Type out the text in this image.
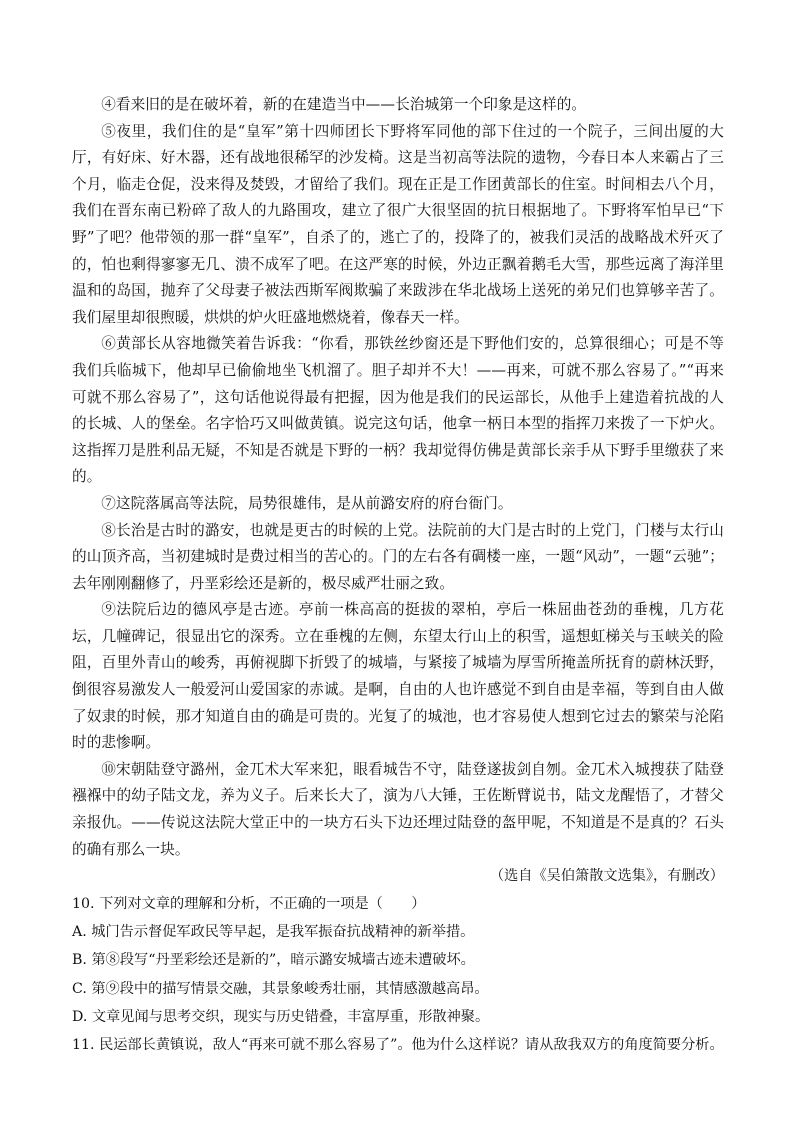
④看来旧的是在破坏着，新的在建造当中——长治城第一个印象是这样的。

⑤夜里，我们住的是“皇军”第十四师团长下野将军同他的部下住过的一个院子，三间出厦的大厅，有好床、好木器，还有战地很稀罕的沙发椅。这是当初高等法院的遗物，今春日本人来霸占了三个月，临走仓促，没来得及焚毁，才留给了我们。现在正是工作团黄部长的住室。时间相去八个月，我们在晋东南已粉碎了敌人的九路围攻，建立了很广大很坚固的抗日根据地了。下野将军怕早已“下野”了吧？他带领的那一群“皇军”，自杀了的，逃亡了的，投降了的，被我们灵活的战略战术歼灭了的，怕也剩得寥寥无几、溃不成军了吧。在这严寒的时候，外边正飘着鹅毛大雪，那些远离了海洋里温和的岛国，抛弃了父母妻子被法西斯军阀欺骗了来跋涉在华北战场上送死的弟兄们也算够辛苦了。我们屋里却很煦暖，烘烘的炉火旺盛地燃烧着，像春天一样。

⑥黄部长从容地微笑着告诉我：“你看，那铁丝纱窗还是下野他们安的，总算很细心；可是不等我们兵临城下，他却早已偷偷地坐飞机溜了。胆子却并不大！——再来，可就不那么容易了。”“再来可就不那么容易了”，这句话他说得最有把握，因为他是我们的民运部长，从他手上建造着抗战的人的长城、人的堡垒。名字恰巧又叫做黄镇。说完这句话，他拿一柄日本型的指挥刀来拨了一下炉火。这指挥刀是胜利品无疑，不知是否就是下野的一柄？我却觉得仿佛是黄部长亲手从下野手里缴获了来的。

⑦这院落属高等法院，局势很雄伟，是从前潞安府的府台衙门。

⑧长治是古时的潞安，也就是更古的时候的上党。法院前的大门是古时的上党门，门楼与太行山的山顶齐高，当初建城时是费过相当的苦心的。门的左右各有碉楼一座，一题“风动”，一题“云驰”；去年刚刚翻修了，丹垩彩绘还是新的，极尽威严壮丽之致。

⑨法院后边的德风亭是古迹。亭前一株高高的挺拔的翠柏，亭后一株屈曲苍劲的垂槐，几方花坛，几幢碑记，很显出它的深秀。立在垂槐的左侧，东望太行山上的积雪，遥想虹梯关与玉峡关的险阻，百里外青山的峻秀，再俯视脚下折毁了的城墙，与紧接了城墙为厚雪所掩盖所抚育的蔚林沃野，倒很容易激发人一般爱河山爱国家的赤诚。是啊，自由的人也许感觉不到自由是幸福，等到自由人做了奴隶的时候，那才知道自由的确是可贵的。光复了的城池，也才容易使人想到它过去的繁荣与沦陷时的悲惨啊。

⑩宋朝陆登守潞州，金兀术大军来犯，眼看城告不守，陆登遂拔剑自刎。金兀术入城搜获了陆登襁褓中的幼子陆文龙，养为义子。后来长大了，演为八大锤，王佐断臂说书，陆文龙醒悟了，才替父亲报仇。——传说这法院大堂正中的一块方石头下边还埋过陆登的盔甲呢，不知道是不是真的？石头的确有那么一块。

（选自《吴伯箫散文选集》，有删改）

10. 下列对文章的理解和分析，不正确的一项是（　　）

A. 城门告示督促军政民等早起，是我军振奋抗战精神的新举措。

B. 第⑧段写“丹垩彩绘还是新的”，暗示潞安城墙古迹未遭破坏。

C. 第⑨段中的描写情景交融，其景象峻秀壮丽，其情感激越高昂。

D. 文章见闻与思考交织，现实与历史错叠，丰富厚重，形散神聚。

11. 民运部长黄镇说，敌人“再来可就不那么容易了”。他为什么这样说？请从敌我双方的角度简要分析。
